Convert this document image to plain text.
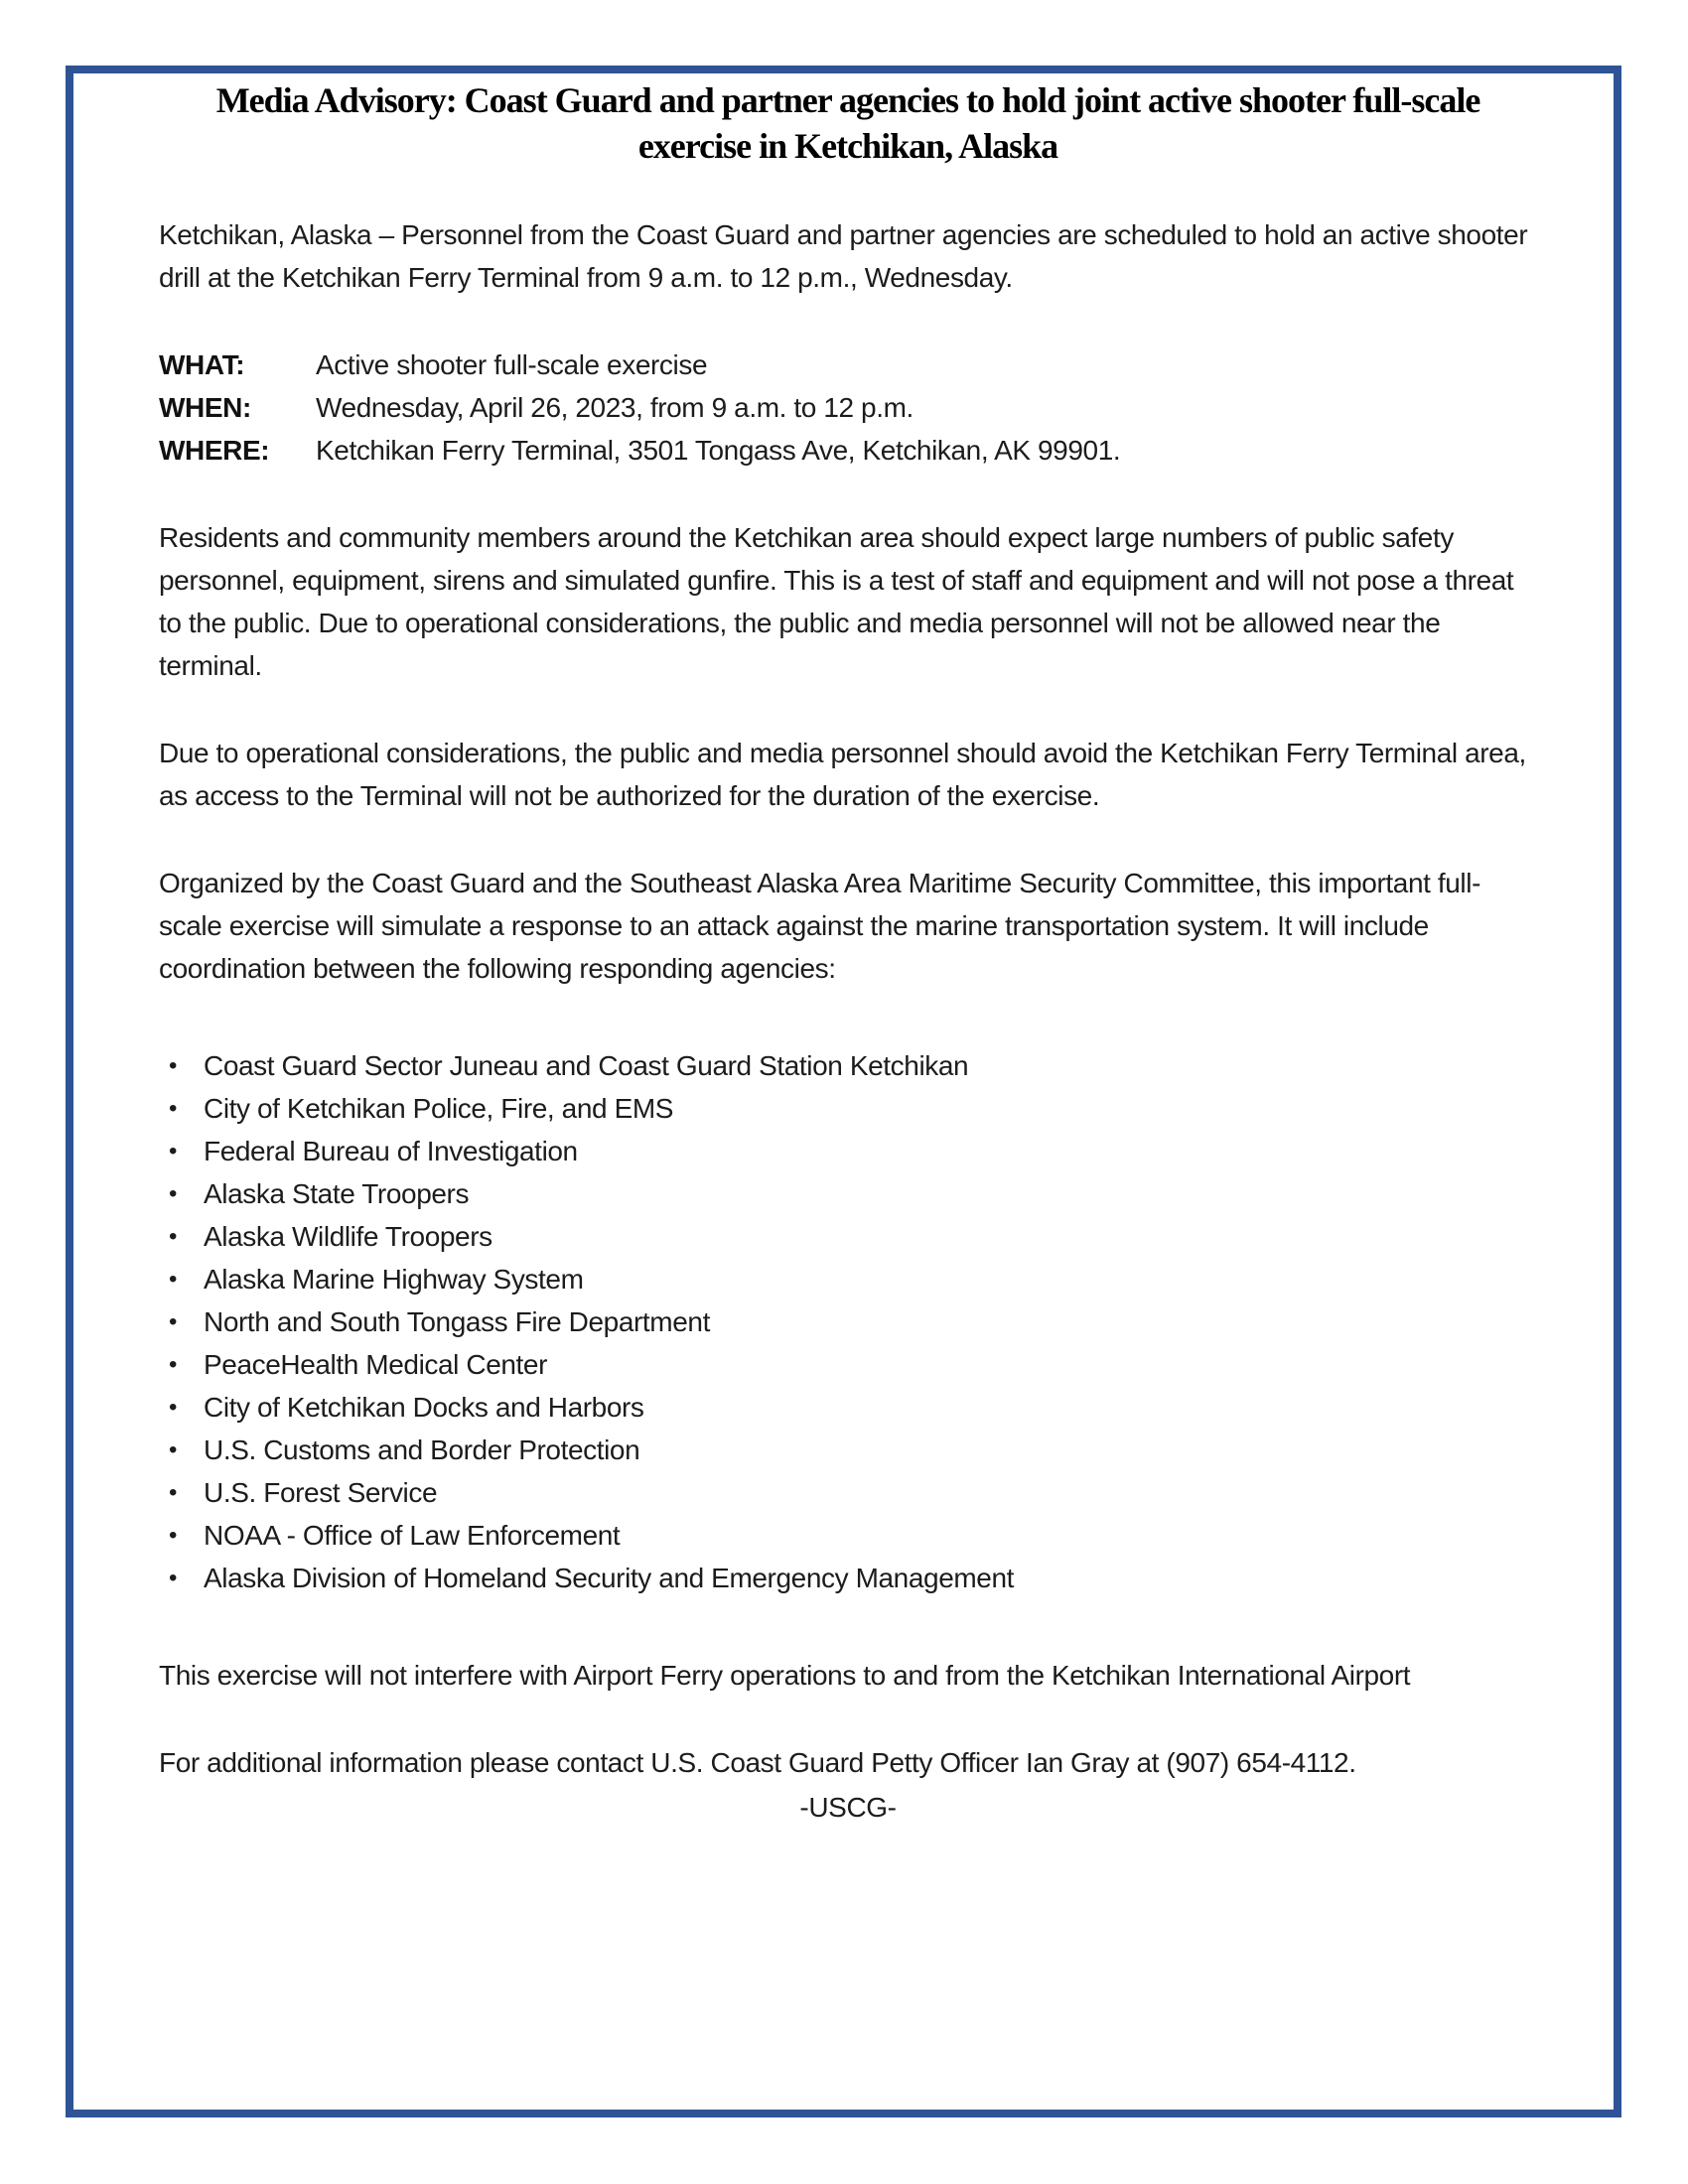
Media Advisory: Coast Guard and partner agencies to hold joint active shooter full-scale exercise in Ketchikan, Alaska

Ketchikan, Alaska – Personnel from the Coast Guard and partner agencies are scheduled to hold an active shooter drill at the Ketchikan Ferry Terminal from 9 a.m. to 12 p.m., Wednesday.

WHAT:	Active shooter full-scale exercise
WHEN:	Wednesday, April 26, 2023, from 9 a.m. to 12 p.m.
WHERE:	Ketchikan Ferry Terminal, 3501 Tongass Ave, Ketchikan, AK 99901.

Residents and community members around the Ketchikan area should expect large numbers of public safety personnel, equipment, sirens and simulated gunfire. This is a test of staff and equipment and will not pose a threat to the public. Due to operational considerations, the public and media personnel will not be allowed near the terminal.

Due to operational considerations, the public and media personnel should avoid the Ketchikan Ferry Terminal area, as access to the Terminal will not be authorized for the duration of the exercise.

Organized by the Coast Guard and the Southeast Alaska Area Maritime Security Committee, this important full-scale exercise will simulate a response to an attack against the marine transportation system. It will include coordination between the following responding agencies:

• Coast Guard Sector Juneau and Coast Guard Station Ketchikan
• City of Ketchikan Police, Fire, and EMS
• Federal Bureau of Investigation
• Alaska State Troopers
• Alaska Wildlife Troopers
• Alaska Marine Highway System
• North and South Tongass Fire Department
• PeaceHealth Medical Center
• City of Ketchikan Docks and Harbors
• U.S. Customs and Border Protection
• U.S. Forest Service
• NOAA - Office of Law Enforcement
• Alaska Division of Homeland Security and Emergency Management

This exercise will not interfere with Airport Ferry operations to and from the Ketchikan International Airport

For additional information please contact U.S. Coast Guard Petty Officer Ian Gray at (907) 654-4112.

-USCG-
